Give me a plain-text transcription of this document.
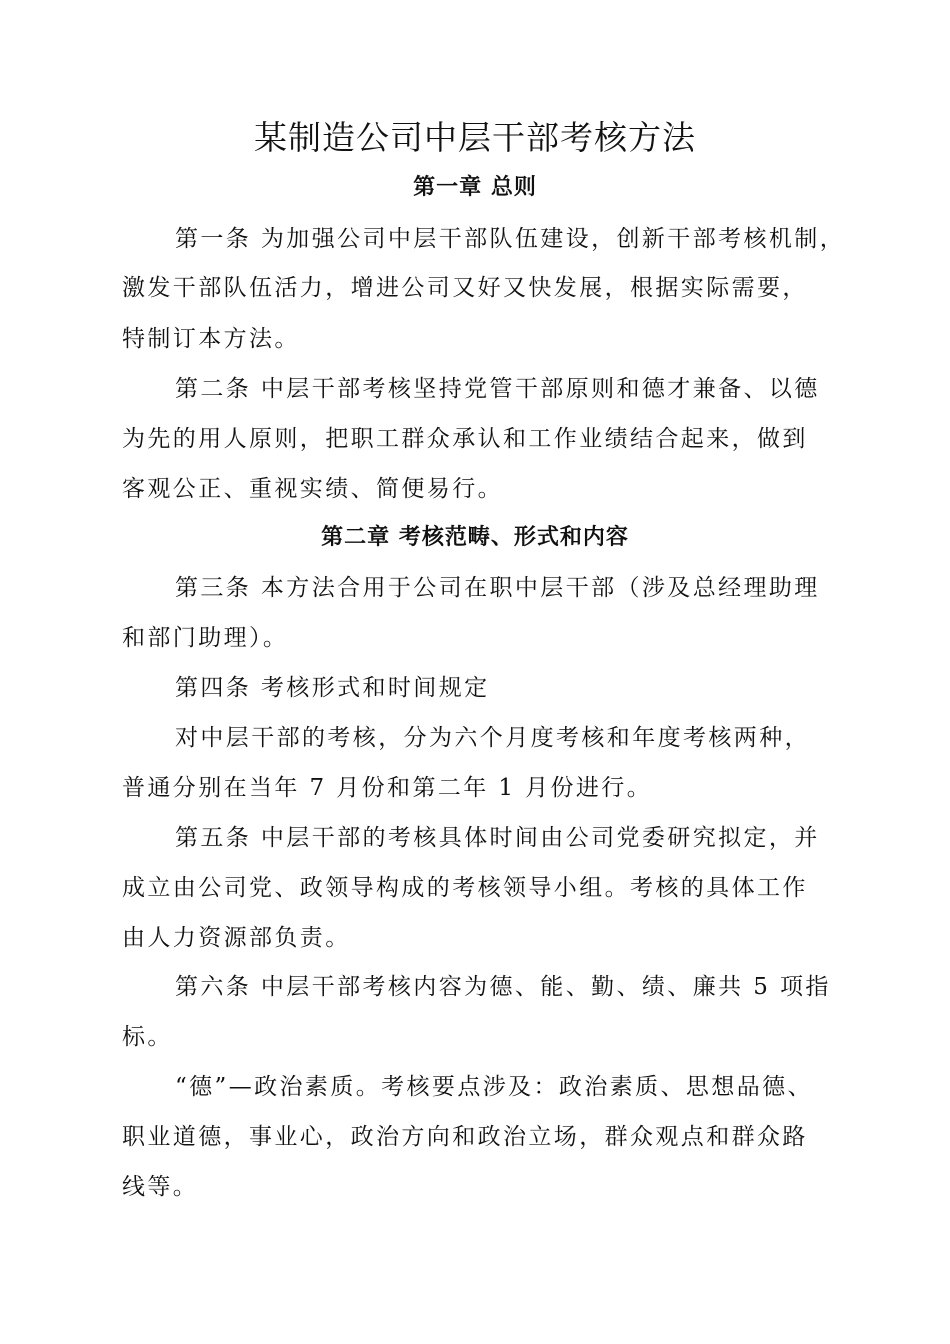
某制造公司中层干部考核方法

第一章 总则

第一条 为加强公司中层干部队伍建设，创新干部考核机制，

激发干部队伍活力，增进公司又好又快发展，根据实际需要，

特制订本方法。

第二条 中层干部考核坚持党管干部原则和德才兼备、以德

为先的用人原则，把职工群众承认和工作业绩结合起来，做到

客观公正、重视实绩、简便易行。

第二章 考核范畴、形式和内容

第三条 本方法合用于公司在职中层干部（涉及总经理助理

和部门助理）。

第四条 考核形式和时间规定

对中层干部的考核，分为六个月度考核和年度考核两种，

普通分别在当年 7 月份和第二年 1 月份进行。

第五条 中层干部的考核具体时间由公司党委研究拟定，并

成立由公司党、政领导构成的考核领导小组。考核的具体工作

由人力资源部负责。

第六条 中层干部考核内容为德、能、勤、绩、廉共 5 项指

标。

“德”—政治素质。考核要点涉及：政治素质、思想品德、

职业道德，事业心，政治方向和政治立场，群众观点和群众路

线等。
